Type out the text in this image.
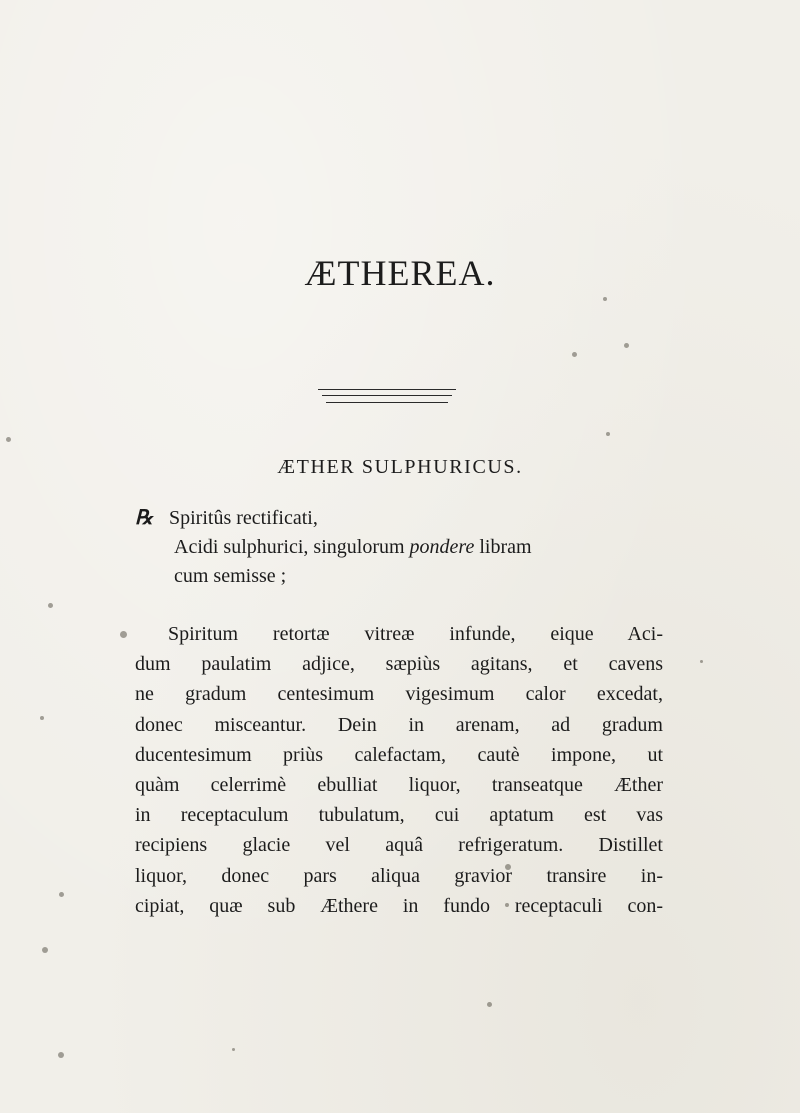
ÆTHEREA.
ÆTHER SULPHURICUS.
℞ Spiritûs rectificati,
Acidi sulphurici, singulorum pondere libram
cum semisse ;
Spiritum retortæ vitreæ infunde, eique Aci-
dum paulatim adjice, sæpiùs agitans, et cavens
ne gradum centesimum vigesimum calor excedat,
donec misceantur. Dein in arenam, ad gradum
ducentesimum priùs calefactam, cautè impone, ut
quàm celerrimè ebulliat liquor, transeatque Æther
in receptaculum tubulatum, cui aptatum est vas
recipiens glacie vel aquâ refrigeratum. Distillet
liquor, donec pars aliqua gravior transire in-
cipiat, quæ sub Æthere in fundo receptaculi con-
